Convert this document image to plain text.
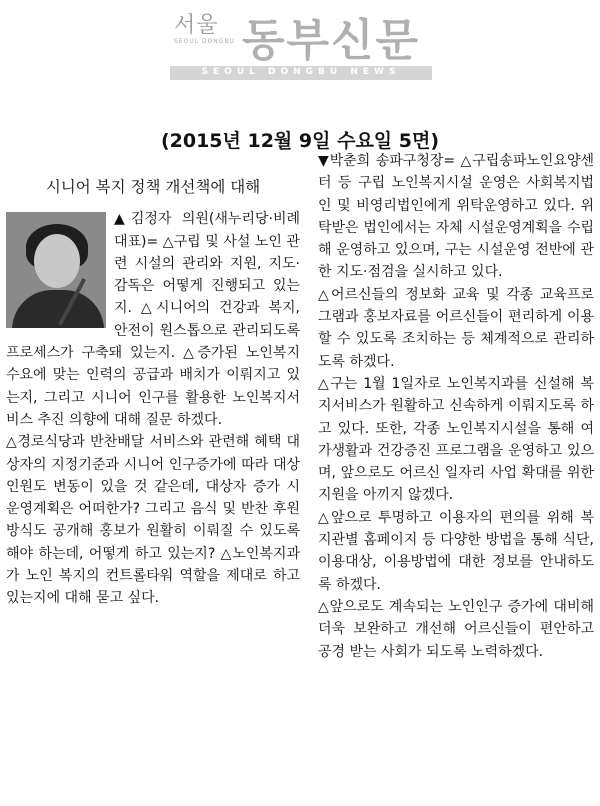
서울
SEOUL DONGBU 동부신문
SEOUL DONGBU NEWS
(2015년 12월 9일 수요일 5면)
시니어 복지 정책 개선책에 대해

▲김정자 의원(새누리당·비례대표)= △구립 및 사설 노인 관련 시설의 관리와 지원, 지도·감독은 어떻게 진행되고 있는지. △시니어의 건강과 복지, 안전이 원스톱으로 관리되도록 프로세스가 구축돼 있는지. △증가된 노인복지 수요에 맞는 인력의 공급과 배치가 이뤄지고 있는지, 그리고 시니어 인구를 활용한 노인복지서비스 추진 의향에 대해 질문 하겠다.

△경로식당과 반찬배달 서비스와 관련해 혜택 대상자의 지정기준과 시니어 인구증가에 따라 대상인원도 변동이 있을 것 같은데, 대상자 증가 시 운영계획은 어떠한가? 그리고 음식 및 반찬 후원 방식도 공개해 홍보가 원활히 이뤄질 수 있도록 해야 하는데, 어떻게 하고 있는지? △노인복지과가 노인 복지의 컨트롤타워 역할을 제대로 하고 있는지에 대해 묻고 싶다.

▼박춘희 송파구청장= △구립송파노인요양센터 등 구립 노인복지시설 운영은 사회복지법인 및 비영리법인에게 위탁운영하고 있다. 위탁받은 법인에서는 자체 시설운영계획을 수립해 운영하고 있으며, 구는 시설운영 전반에 관한 지도·점검을 실시하고 있다.

△어르신들의 정보화 교육 및 각종 교육프로그램과 홍보자료를 어르신들이 편리하게 이용할 수 있도록 조치하는 등 체계적으로 관리하도록 하겠다.

△구는 1월 1일자로 노인복지과를 신설해 복지서비스가 원활하고 신속하게 이뤄지도록 하고 있다. 또한, 각종 노인복지시설을 통해 여가생활과 건강증진 프로그램을 운영하고 있으며, 앞으로도 어르신 일자리 사업 확대를 위한 지원을 아끼지 않겠다.

△앞으로 투명하고 이용자의 편의를 위해 복지관별 홈페이지 등 다양한 방법을 통해 식단, 이용대상, 이용방법에 대한 정보를 안내하도록 하겠다.

△앞으로도 계속되는 노인인구 증가에 대비해 더욱 보완하고 개선해 어르신들이 편안하고 공경 받는 사회가 되도록 노력하겠다.
